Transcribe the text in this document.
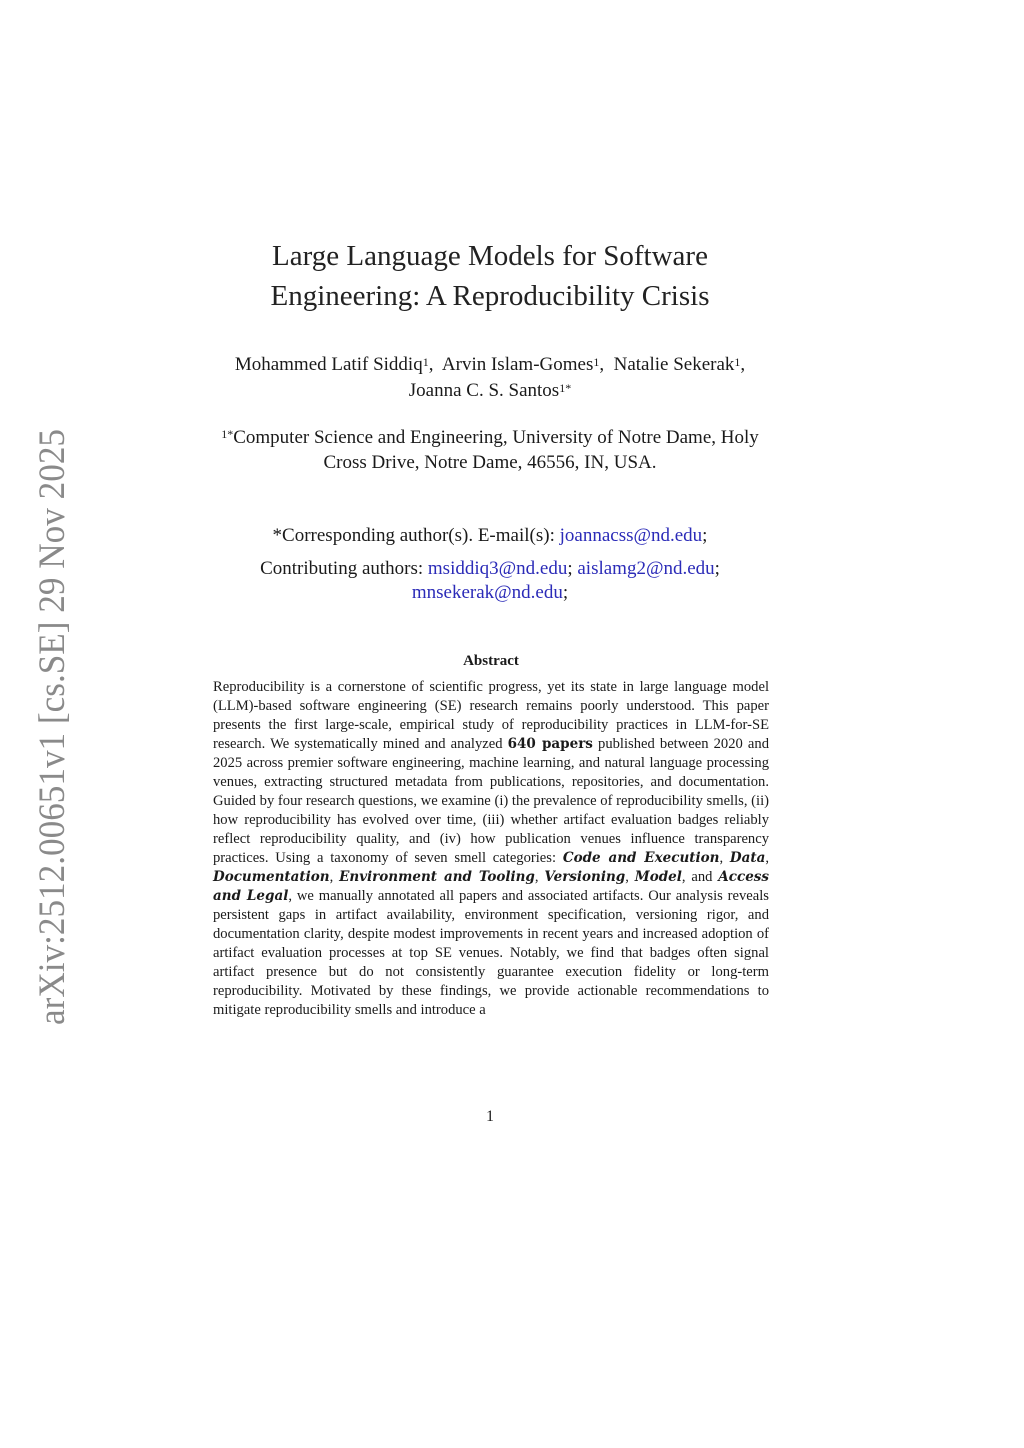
arXiv:2512.00651v1 [cs.SE] 29 Nov 2025
Large Language Models for Software
Engineering: A Reproducibility Crisis
Mohammed Latif Siddiq$^1$,  Arvin Islam-Gomes$^1$,  Natalie Sekerak$^1$,
Joanna C. S. Santos$^{1*}$
$^{1*}$Computer Science and Engineering, University of Notre Dame, Holy
Cross Drive, Notre Dame, 46556, IN, USA.
*Corresponding author(s). E-mail(s): joannacss@nd.edu;
Contributing authors: msiddiq3@nd.edu; aislamg2@nd.edu;
mnsekerak@nd.edu;
Abstract
Reproducibility is a cornerstone of scientific progress, yet its state in large language model (LLM)-based software engineering (SE) research remains poorly understood. This paper presents the first large-scale, empirical study of reproducibility practices in LLM-for-SE research. We systematically mined and analyzed 640 papers published between 2020 and 2025 across premier software engineering, machine learning, and natural language processing venues, extracting structured metadata from publications, repositories, and documentation. Guided by four research questions, we examine (i) the prevalence of reproducibility smells, (ii) how reproducibility has evolved over time, (iii) whether artifact evaluation badges reliably reflect reproducibility quality, and (iv) how publication venues influence transparency practices. Using a taxonomy of seven smell categories: Code and Execution, Data, Documentation, Environment and Tooling, Versioning, Model, and Access and Legal, we manually annotated all papers and associated artifacts. Our analysis reveals persistent gaps in artifact availability, environment specification, versioning rigor, and documentation clarity, despite modest improvements in recent years and increased adoption of artifact evaluation processes at top SE venues. Notably, we find that badges often signal artifact presence but do not consistently guarantee execution fidelity or long-term reproducibility. Motivated by these findings, we provide actionable recommendations to mitigate reproducibility smells and introduce a
1
